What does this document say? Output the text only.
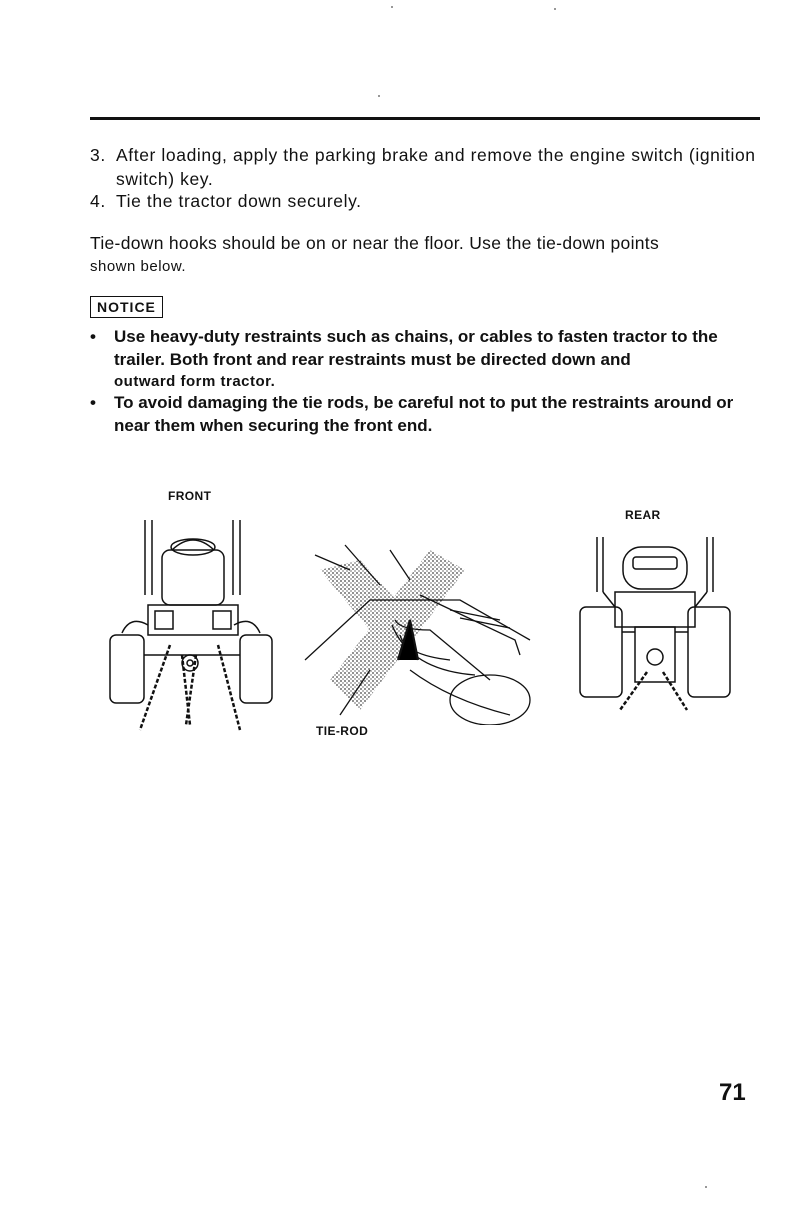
3. After loading, apply the parking brake and remove the engine switch (ignition switch) key.
4. Tie the tractor down securely.
Tie-down hooks should be on or near the floor. Use the tie-down points
shown below.
NOTICE
• Use heavy-duty restraints such as chains, or cables to fasten tractor to the trailer. Both front and rear restraints must be directed down and
outward form tractor.
• To avoid damaging the tie rods, be careful not to put the restraints around or near them when securing the front end.
FRONT
TIE-ROD
REAR
71
